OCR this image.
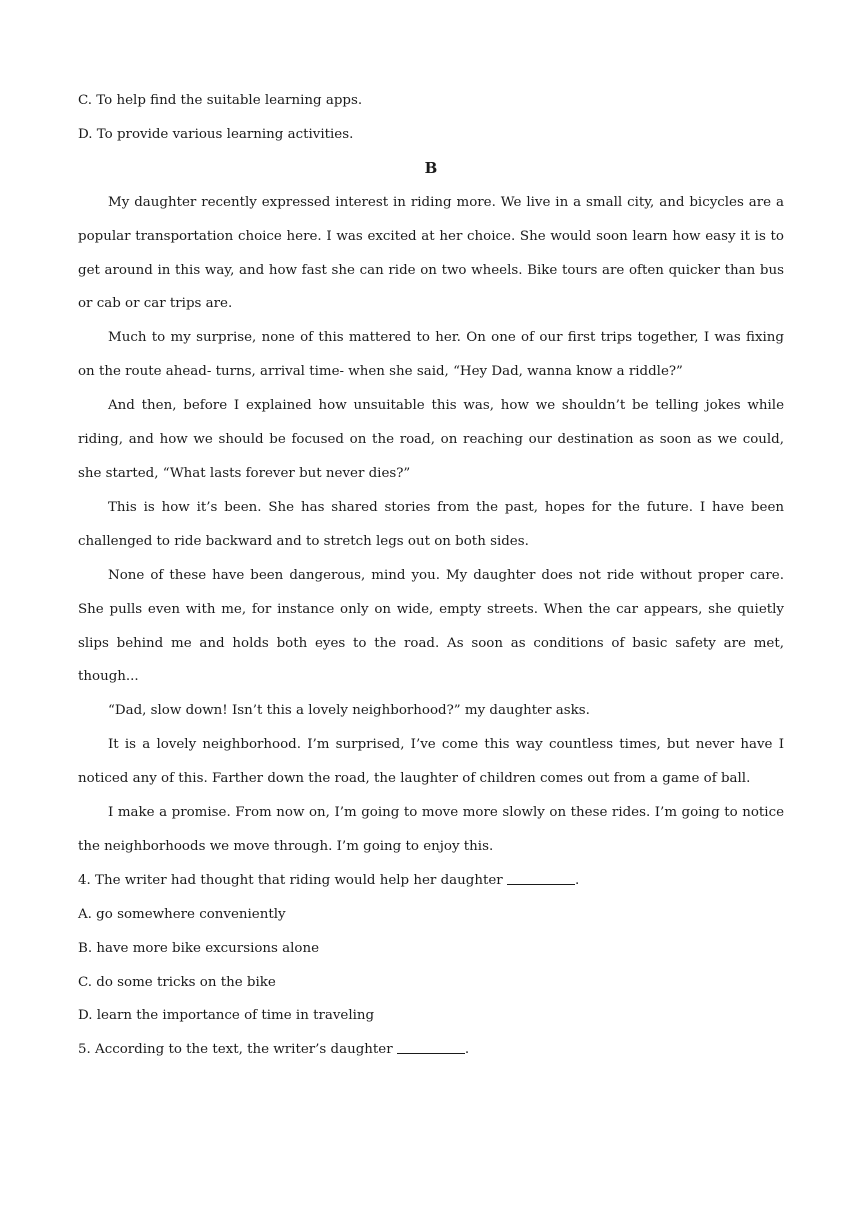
C. To help find the suitable learning apps.
D. To provide various learning activities.
B
My daughter recently expressed interest in riding more. We live in a small city, and bicycles are a popular transportation choice here. I was excited at her choice. She would soon learn how easy it is to get around in this way, and how fast she can ride on two wheels. Bike tours are often quicker than bus or cab or car trips are.
Much to my surprise, none of this mattered to her. On one of our first trips together, I was fixing on the route ahead- turns, arrival time- when she said, “Hey Dad, wanna know a riddle?”
And then, before I explained how unsuitable this was, how we shouldn’t be telling jokes while riding, and how we should be focused on the road, on reaching our destination as soon as we could, she started, “What lasts forever but never dies?”
This is how it’s been. She has shared stories from the past, hopes for the future. I have been challenged to ride backward and to stretch legs out on both sides.
None of these have been dangerous, mind you. My daughter does not ride without proper care. She pulls even with me, for instance only on wide, empty streets. When the car appears, she quietly slips behind me and holds both eyes to the road. As soon as conditions of basic safety are met, though...
“Dad, slow down! Isn’t this a lovely neighborhood?” my daughter asks.
It is a lovely neighborhood. I’m surprised, I’ve come this way countless times, but never have I noticed any of this. Farther down the road, the laughter of children comes out from a game of ball.
I make a promise. From now on, I’m going to move more slowly on these rides. I’m going to notice the neighborhoods we move through. I’m going to enjoy this.
4. The writer had thought that riding would help her daughter	.
A. go somewhere conveniently
B. have more bike excursions alone
C. do some tricks on the bike
D. learn the importance of time in traveling
5. According to the text, the writer’s daughter	.
